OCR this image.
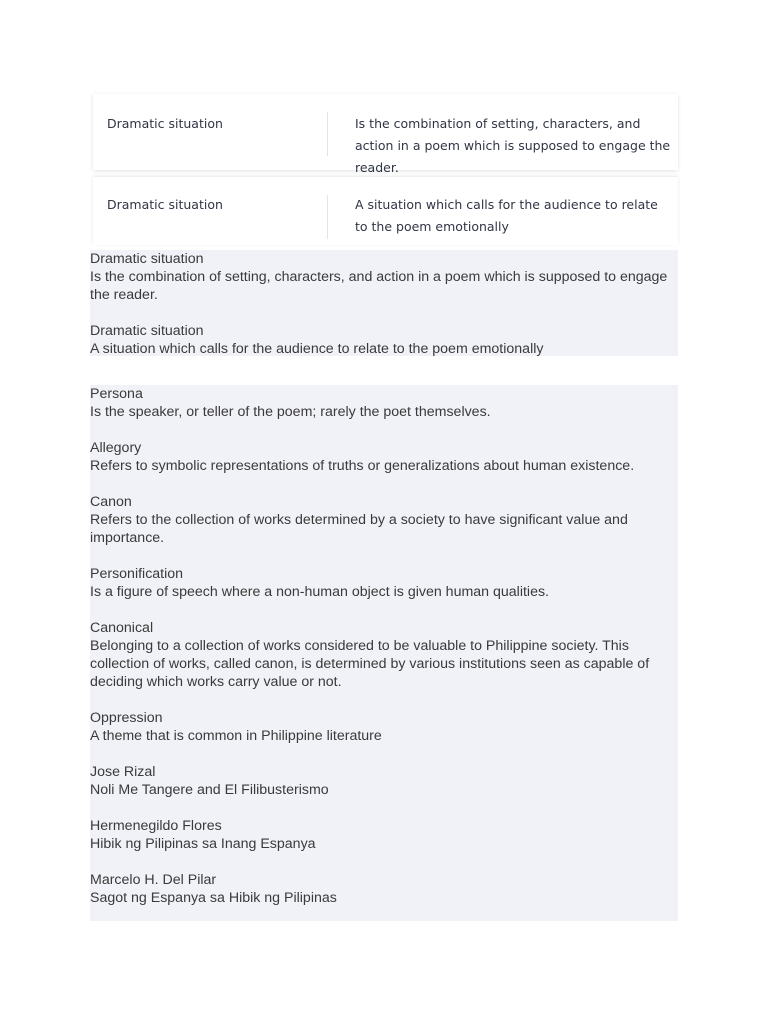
Dramatic situation	Is the combination of setting, characters, and action in a poem which is supposed to engage the reader.
Dramatic situation	A situation which calls for the audience to relate to the poem emotionally
Dramatic situation
Is the combination of setting, characters, and action in a poem which is supposed to engage the reader.
Dramatic situation
A situation which calls for the audience to relate to the poem emotionally
Persona
Is the speaker, or teller of the poem; rarely the poet themselves.
Allegory
Refers to symbolic representations of truths or generalizations about human existence.
Canon
Refers to the collection of works determined by a society to have significant value and importance.
Personification
Is a figure of speech where a non-human object is given human qualities.
Canonical
Belonging to a collection of works considered to be valuable to Philippine society. This collection of works, called canon, is determined by various institutions seen as capable of deciding which works carry value or not.
Oppression
A theme that is common in Philippine literature
Jose Rizal
Noli Me Tangere and El Filibusterismo
Hermenegildo Flores
Hibik ng Pilipinas sa Inang Espanya
Marcelo H. Del Pilar
Sagot ng Espanya sa Hibik ng Pilipinas
